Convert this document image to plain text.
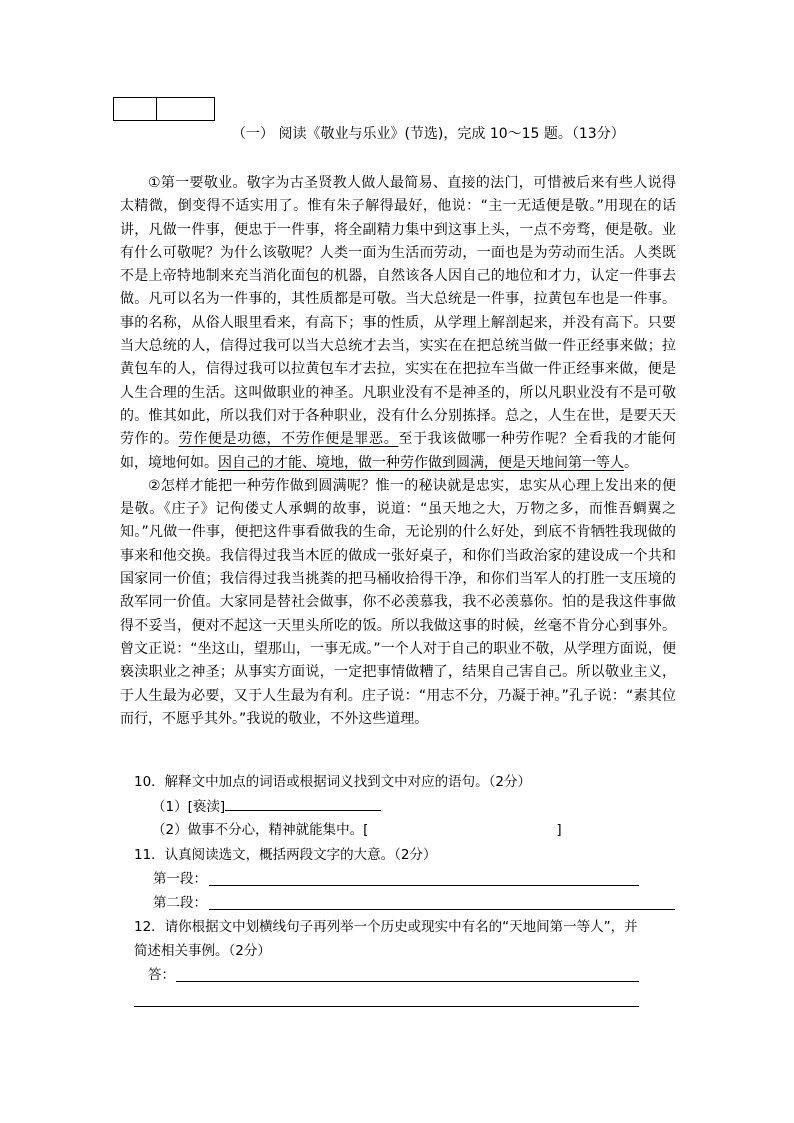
（一） 阅读《敬业与乐业》(节选)，完成 10～15 题。（13分）

①第一要敬业。敬字为古圣贤教人做人最简易、直接的法门，可惜被后来有些人说得太精微，倒变得不适实用了。惟有朱子解得最好，他说：“主一无适便是敬。”用现在的话讲，凡做一件事，便忠于一件事，将全副精力集中到这事上头，一点不旁骛，便是敬。业有什么可敬呢？为什么该敬呢？人类一面为生活而劳动，一面也是为劳动而生活。人类既不是上帝特地制来充当消化面包的机器，自然该各人因自己的地位和才力，认定一件事去做。凡可以名为一件事的，其性质都是可敬。当大总统是一件事，拉黄包车也是一件事。事的名称，从俗人眼里看来，有高下；事的性质，从学理上解剖起来，并没有高下。只要当大总统的人，信得过我可以当大总统才去当，实实在在把总统当做一件正经事来做；拉黄包车的人，信得过我可以拉黄包车才去拉，实实在在把拉车当做一件正经事来做，便是人生合理的生活。这叫做职业的神圣。凡职业没有不是神圣的，所以凡职业没有不是可敬的。惟其如此，所以我们对于各种职业，没有什么分别拣择。总之，人生在世，是要天天劳作的。劳作便是功德，不劳作便是罪恶。至于我该做哪一种劳作呢？全看我的才能何如，境地何如。因自己的才能、境地，做一种劳作做到圆满，便是天地间第一等人。

②怎样才能把一种劳作做到圆满呢？惟一的秘诀就是忠实，忠实从心理上发出来的便是敬。《庄子》记佝偻丈人承蜩的故事，说道：“虽天地之大，万物之多，而惟吾蜩翼之知。”凡做一件事，便把这件事看做我的生命，无论别的什么好处，到底不肯牺牲我现做的事来和他交换。我信得过我当木匠的做成一张好桌子，和你们当政治家的建设成一个共和国家同一价值；我信得过我当挑粪的把马桶收拾得干净，和你们当军人的打胜一支压境的敌军同一价值。大家同是替社会做事，你不必羡慕我，我不必羡慕你。怕的是我这件事做得不妥当，便对不起这一天里头所吃的饭。所以我做这事的时候，丝毫不肯分心到事外。曾文正说：“坐这山，望那山，一事无成。”一个人对于自己的职业不敬，从学理方面说，便亵渎职业之神圣；从事实方面说，一定把事情做糟了，结果自己害自己。所以敬业主义，于人生最为必要，又于人生最为有利。庄子说：“用志不分，乃凝于神。”孔子说：“素其位而行，不愿乎其外。”我说的敬业，不外这些道理。

10．解释文中加点的词语或根据词义找到文中对应的语句。（2分）
（1）[亵渎]
（2）做事不分心，精神就能集中。[	]
11．认真阅读选文，概括两段文字的大意。（2分）
第一段：
第二段：
12．请你根据文中划横线句子再列举一个历史或现实中有名的“天地间第一等人”，并
简述相关事例。（2分）
答：
